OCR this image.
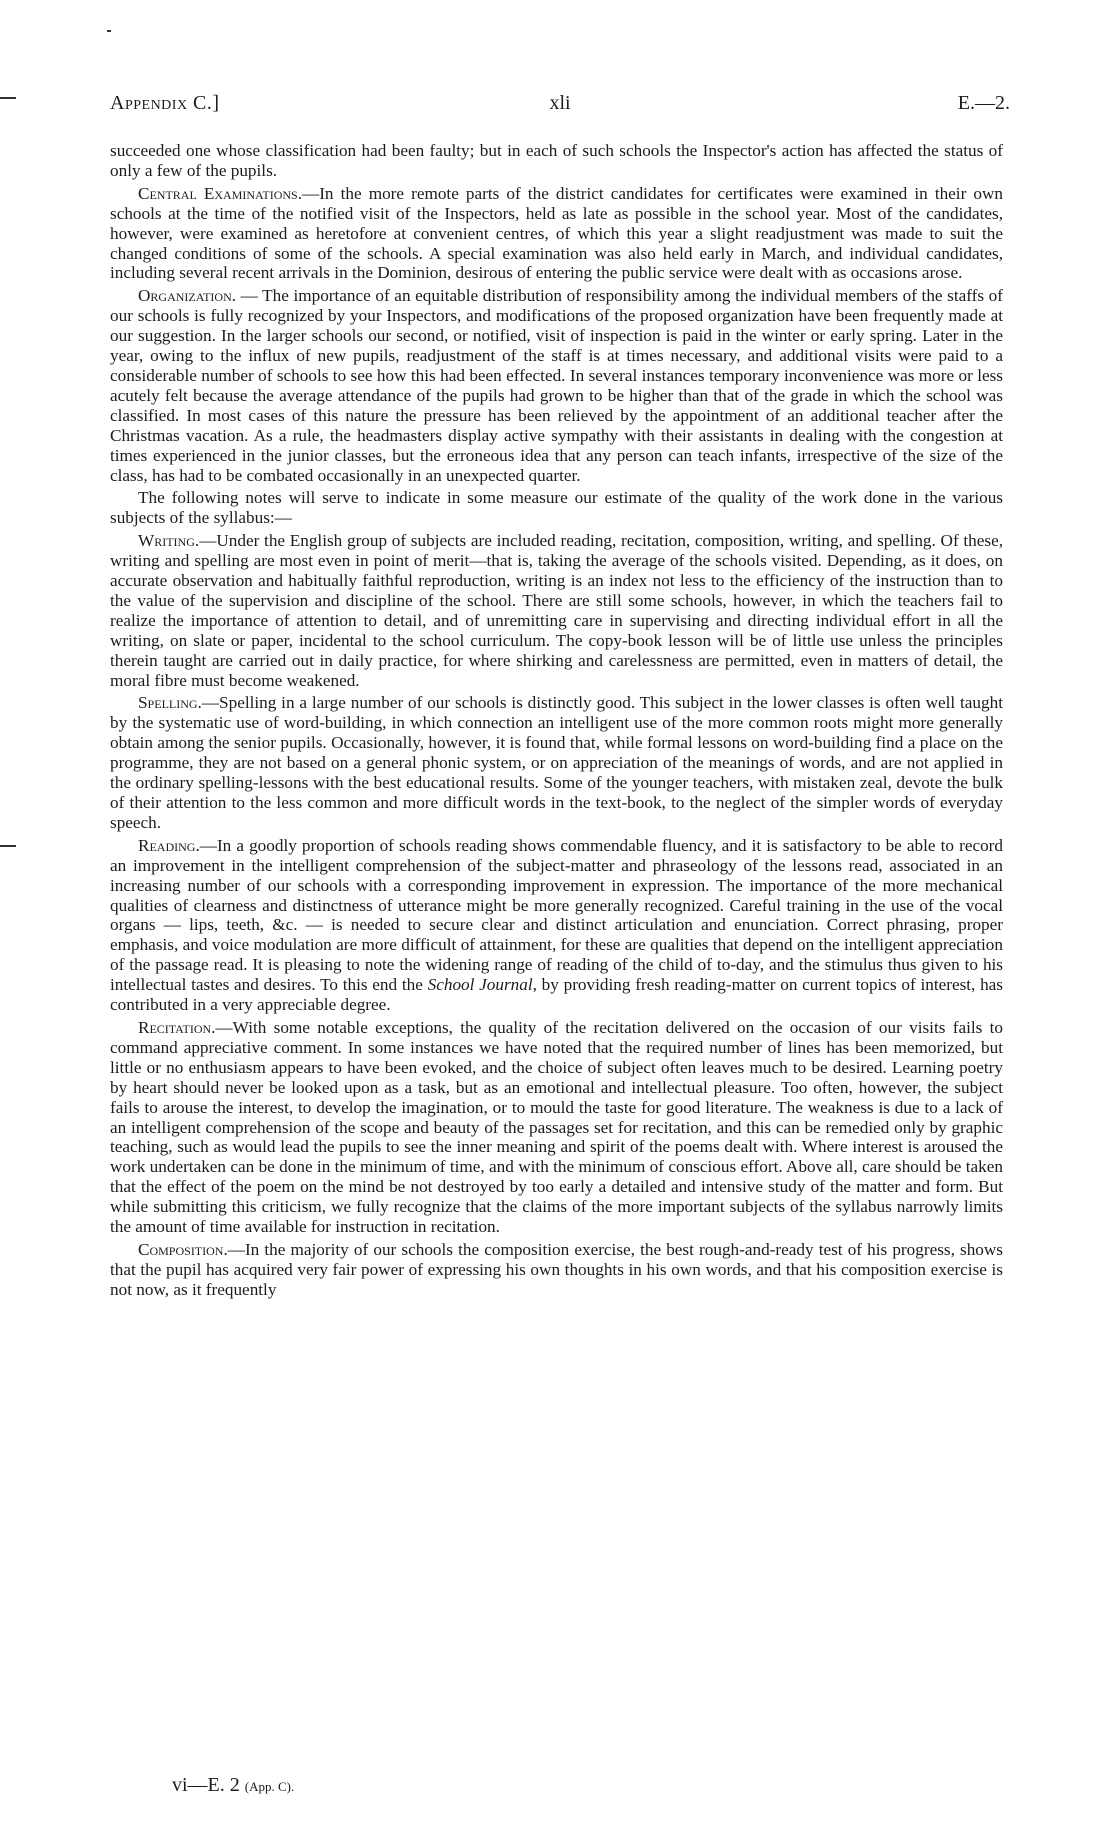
Appendix C.]	xli	E.—2.

succeeded one whose classification had been faulty; but in each of such schools the Inspector's action has affected the status of only a few of the pupils.

Central Examinations.—In the more remote parts of the district candidates for certificates were examined in their own schools at the time of the notified visit of the Inspectors, held as late as possible in the school year. Most of the candidates, however, were examined as heretofore at convenient centres, of which this year a slight readjustment was made to suit the changed conditions of some of the schools. A special examination was also held early in March, and individual candidates, including several recent arrivals in the Dominion, desirous of entering the public service were dealt with as occasions arose.

Organization. — The importance of an equitable distribution of responsibility among the individual members of the staffs of our schools is fully recognized by your Inspectors, and modifications of the proposed organization have been frequently made at our suggestion. In the larger schools our second, or notified, visit of inspection is paid in the winter or early spring. Later in the year, owing to the influx of new pupils, readjustment of the staff is at times necessary, and additional visits were paid to a considerable number of schools to see how this had been effected. In several instances temporary inconvenience was more or less acutely felt because the average attendance of the pupils had grown to be higher than that of the grade in which the school was classified. In most cases of this nature the pressure has been relieved by the appointment of an additional teacher after the Christmas vacation. As a rule, the headmasters display active sympathy with their assistants in dealing with the congestion at times experienced in the junior classes, but the erroneous idea that any person can teach infants, irrespective of the size of the class, has had to be combated occasionally in an unexpected quarter.

The following notes will serve to indicate in some measure our estimate of the quality of the work done in the various subjects of the syllabus:—

Writing.—Under the English group of subjects are included reading, recitation, composition, writing, and spelling. Of these, writing and spelling are most even in point of merit—that is, taking the average of the schools visited. Depending, as it does, on accurate observation and habitually faithful reproduction, writing is an index not less to the efficiency of the instruction than to the value of the supervision and discipline of the school. There are still some schools, however, in which the teachers fail to realize the importance of attention to detail, and of unremitting care in supervising and directing individual effort in all the writing, on slate or paper, incidental to the school curriculum. The copy-book lesson will be of little use unless the principles therein taught are carried out in daily practice, for where shirking and carelessness are permitted, even in matters of detail, the moral fibre must become weakened.

Spelling.—Spelling in a large number of our schools is distinctly good. This subject in the lower classes is often well taught by the systematic use of word-building, in which connection an intelligent use of the more common roots might more generally obtain among the senior pupils. Occasionally, however, it is found that, while formal lessons on word-building find a place on the programme, they are not based on a general phonic system, or on appreciation of the meanings of words, and are not applied in the ordinary spelling-lessons with the best educational results. Some of the younger teachers, with mistaken zeal, devote the bulk of their attention to the less common and more difficult words in the text-book, to the neglect of the simpler words of everyday speech.

Reading.—In a goodly proportion of schools reading shows commendable fluency, and it is satisfactory to be able to record an improvement in the intelligent comprehension of the subject-matter and phraseology of the lessons read, associated in an increasing number of our schools with a corresponding improvement in expression. The importance of the more mechanical qualities of clearness and distinctness of utterance might be more generally recognized. Careful training in the use of the vocal organs — lips, teeth, &c. — is needed to secure clear and distinct articulation and enunciation. Correct phrasing, proper emphasis, and voice modulation are more difficult of attainment, for these are qualities that depend on the intelligent appreciation of the passage read. It is pleasing to note the widening range of reading of the child of to-day, and the stimulus thus given to his intellectual tastes and desires. To this end the School Journal, by providing fresh reading-matter on current topics of interest, has contributed in a very appreciable degree.

Recitation.—With some notable exceptions, the quality of the recitation delivered on the occasion of our visits fails to command appreciative comment. In some instances we have noted that the required number of lines has been memorized, but little or no enthusiasm appears to have been evoked, and the choice of subject often leaves much to be desired. Learning poetry by heart should never be looked upon as a task, but as an emotional and intellectual pleasure. Too often, however, the subject fails to arouse the interest, to develop the imagination, or to mould the taste for good literature. The weakness is due to a lack of an intelligent comprehension of the scope and beauty of the passages set for recitation, and this can be remedied only by graphic teaching, such as would lead the pupils to see the inner meaning and spirit of the poems dealt with. Where interest is aroused the work undertaken can be done in the minimum of time, and with the minimum of conscious effort. Above all, care should be taken that the effect of the poem on the mind be not destroyed by too early a detailed and intensive study of the matter and form. But while submitting this criticism, we fully recognize that the claims of the more important subjects of the syllabus narrowly limits the amount of time available for instruction in recitation.

Composition.—In the majority of our schools the composition exercise, the best rough-and-ready test of his progress, shows that the pupil has acquired very fair power of expressing his own thoughts in his own words, and that his composition exercise is not now, as it frequently

vi—E. 2 (App. C).
